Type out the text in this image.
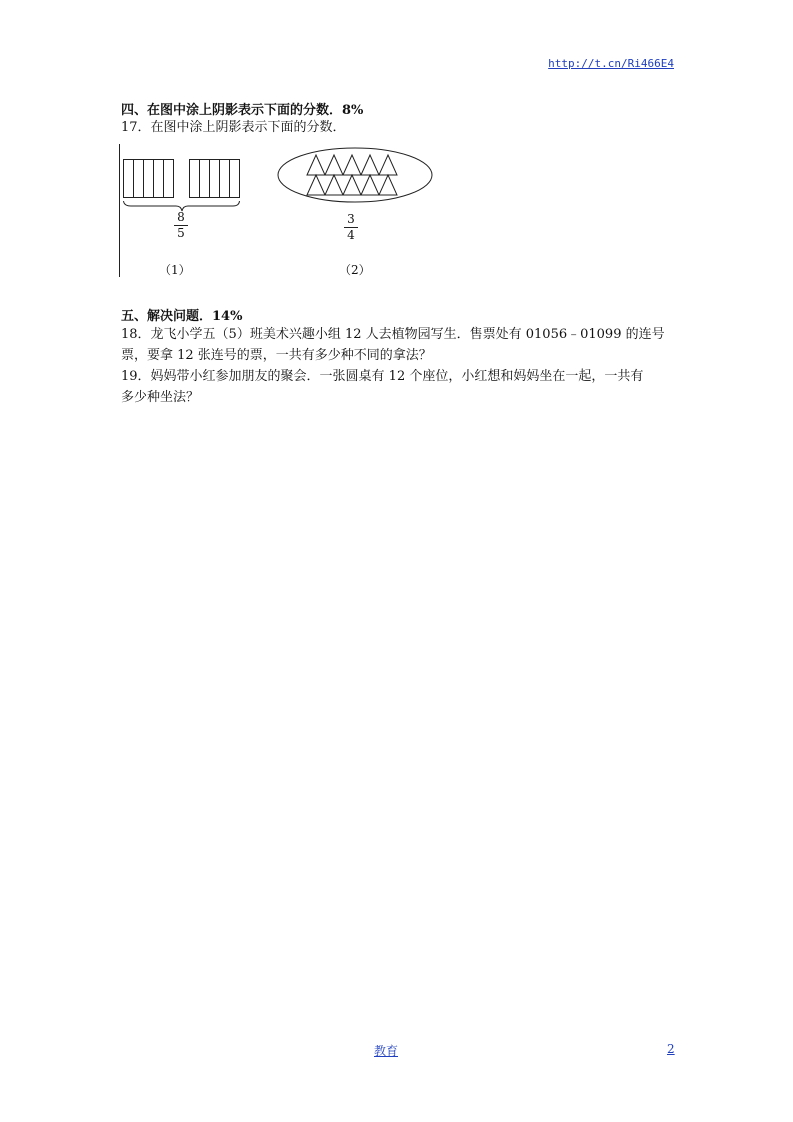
http://t.cn/Ri466E4
四、在图中涂上阴影表示下面的分数．8%
17．在图中涂上阴影表示下面的分数．
8
5
（1）
3
4
（2）
五、解决问题．14%
18．龙飞小学五（5）班美术兴趣小组 12 人去植物园写生．售票处有 01056﹣01099 的连号
票，要拿 12 张连号的票，一共有多少种不同的拿法？
19．妈妈带小红参加朋友的聚会．一张圆桌有 12 个座位，小红想和妈妈坐在一起，一共有
多少种坐法？
教育	2
